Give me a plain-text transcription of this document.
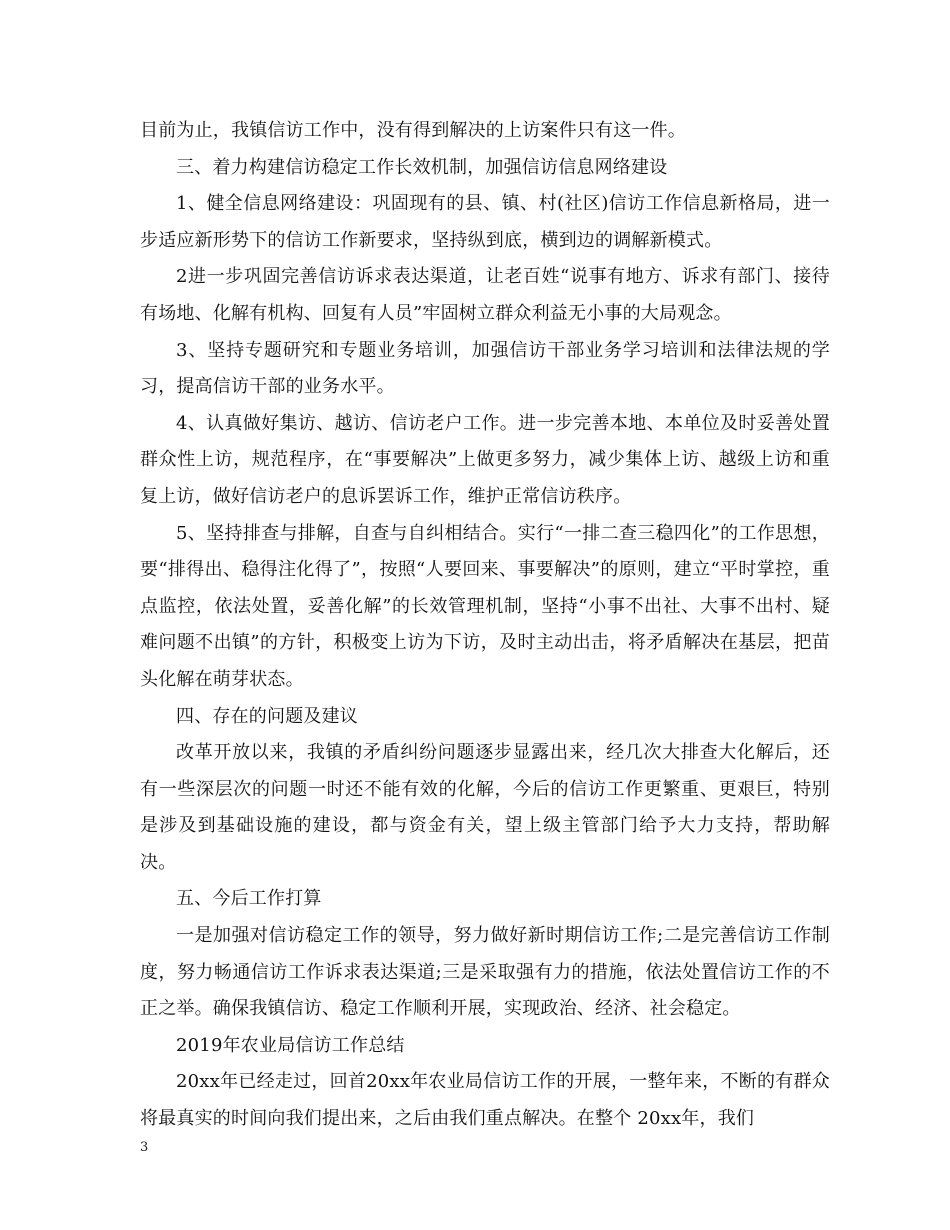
目前为止，我镇信访工作中，没有得到解决的上访案件只有这一件。

三、着力构建信访稳定工作长效机制，加强信访信息网络建设

1、健全信息网络建设：巩固现有的县、镇、村(社区)信访工作信息新格局，进一步适应新形势下的信访工作新要求，坚持纵到底，横到边的调解新模式。

2进一步巩固完善信访诉求表达渠道，让老百姓“说事有地方、诉求有部门、接待有场地、化解有机构、回复有人员”牢固树立群众利益无小事的大局观念。

3、坚持专题研究和专题业务培训，加强信访干部业务学习培训和法律法规的学习，提高信访干部的业务水平。

4、认真做好集访、越访、信访老户工作。进一步完善本地、本单位及时妥善处置群众性上访，规范程序，在“事要解决”上做更多努力，减少集体上访、越级上访和重复上访，做好信访老户的息诉罢诉工作，维护正常信访秩序。

5、坚持排查与排解，自查与自纠相结合。实行“一排二查三稳四化”的工作思想，要“排得出、稳得注化得了”，按照“人要回来、事要解决”的原则，建立“平时掌控，重点监控，依法处置，妥善化解”的长效管理机制，坚持“小事不出社、大事不出村、疑难问题不出镇”的方针，积极变上访为下访，及时主动出击，将矛盾解决在基层，把苗头化解在萌芽状态。

四、存在的问题及建议

改革开放以来，我镇的矛盾纠纷问题逐步显露出来，经几次大排查大化解后，还有一些深层次的问题一时还不能有效的化解，今后的信访工作更繁重、更艰巨，特别是涉及到基础设施的建设，都与资金有关，望上级主管部门给予大力支持，帮助解决。

五、今后工作打算

一是加强对信访稳定工作的领导，努力做好新时期信访工作;二是完善信访工作制度，努力畅通信访工作诉求表达渠道;三是采取强有力的措施，依法处置信访工作的不正之举。确保我镇信访、稳定工作顺利开展，实现政治、经济、社会稳定。

2019年农业局信访工作总结

20xx年已经走过，回首20xx年农业局信访工作的开展，一整年来，不断的有群众将最真实的时间向我们提出来，之后由我们重点解决。在整个 20xx年，我们

3
